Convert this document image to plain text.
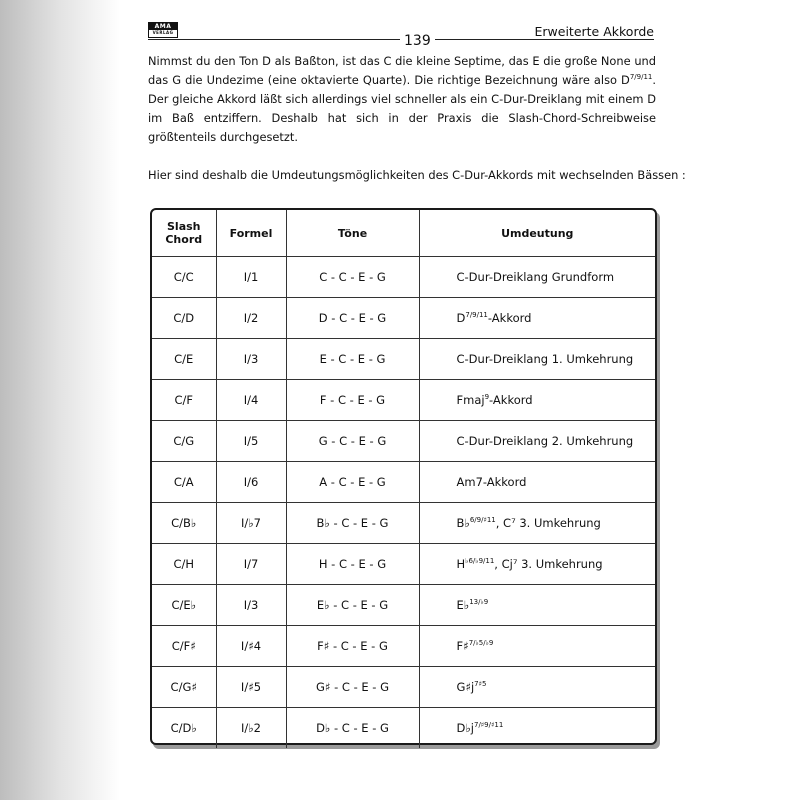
AMA
VERLAG
139
Erweiterte Akkorde

Nimmst du den Ton D als Baßton, ist das C die kleine Septime, das E die große None und das G die Undezime (eine oktavierte Quarte). Die richtige Bezeichnung wäre also $D^{7/9/11}$. Der gleiche Akkord läßt sich allerdings viel schneller als ein C-Dur-Dreiklang mit einem D im Baß entziffern. Deshalb hat sich in der Praxis die Slash-Chord-Schreibweise größtenteils durchgesetzt.

Hier sind deshalb die Umdeutungsmöglichkeiten des C-Dur-Akkords mit wechselnden Bässen :
Slash Chord	Formel	Töne	Umdeutung
C/C	I/1	C - C - E - G	C-Dur-Dreiklang Grundform
C/D	I/2	D - C - E - G	$D^{7/9/11}$-Akkord
C/E	I/3	E - C - E - G	C-Dur-Dreiklang 1. Umkehrung
C/F	I/4	F - C - E - G	Fmaj$^9$-Akkord
C/G	I/5	G - C - E - G	C-Dur-Dreiklang 2. Umkehrung
C/A	I/6	A - C - E - G	Am7-Akkord
C/B♭	I/♭7	B♭ - C - E - G	B♭$^{6/9/♯11}$, C⁷ 3. Umkehrung
C/H	I/7	H - C - E - G	$H^{♭6/♭9/11}$, Cj⁷ 3. Umkehrung
C/E♭	I/3	E♭ - C - E - G	E♭$^{13/♭9}$
C/F♯	I/♯4	F♯ - C - E - G	F♯$^{7/♭5/♭9}$
C/G♯	I/♯5	G♯ - C - E - G	$G♯j^{7♯5}$
C/D♭	I/♭2	D♭ - C - E - G	$D♭j^{7/♯9/♯11}$
